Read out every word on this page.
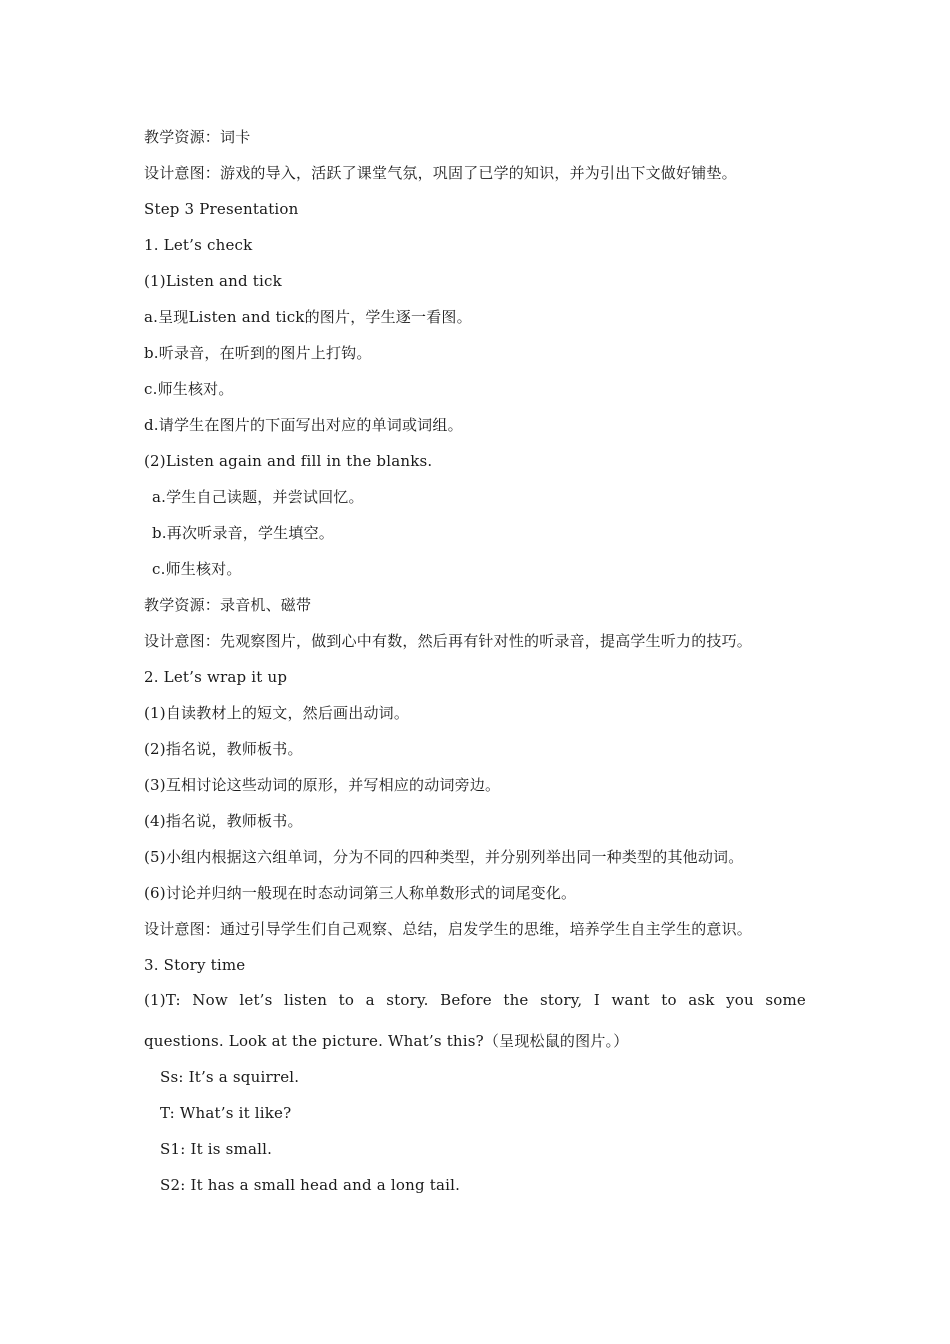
教学资源：词卡
设计意图：游戏的导入，活跃了课堂气氛，巩固了已学的知识，并为引出下文做好铺垫。
Step 3 Presentation
1. Let’s check
(1)Listen and tick
a.呈现Listen and tick的图片，学生逐一看图。
b.听录音，在听到的图片上打钩。
c.师生核对。
d.请学生在图片的下面写出对应的单词或词组。
(2)Listen again and fill in the blanks.
a.学生自己读题，并尝试回忆。
b.再次听录音，学生填空。
c.师生核对。
教学资源：录音机、磁带
设计意图：先观察图片，做到心中有数，然后再有针对性的听录音，提高学生听力的技巧。
2. Let’s wrap it up
(1)自读教材上的短文，然后画出动词。
(2)指名说，教师板书。
(3)互相讨论这些动词的原形，并写相应的动词旁边。
(4)指名说，教师板书。
(5)小组内根据这六组单词，分为不同的四种类型，并分别列举出同一种类型的其他动词。
(6)讨论并归纳一般现在时态动词第三人称单数形式的词尾变化。
设计意图：通过引导学生们自己观察、总结，启发学生的思维，培养学生自主学生的意识。
3. Story time
(1)T: Now let’s listen to a story. Before the story, I want to ask you some
questions. Look at the picture. What’s this?（呈现松鼠的图片。）
Ss: It’s a squirrel.
T: What’s it like?
S1: It is small.
S2: It has a small head and a long tail.
